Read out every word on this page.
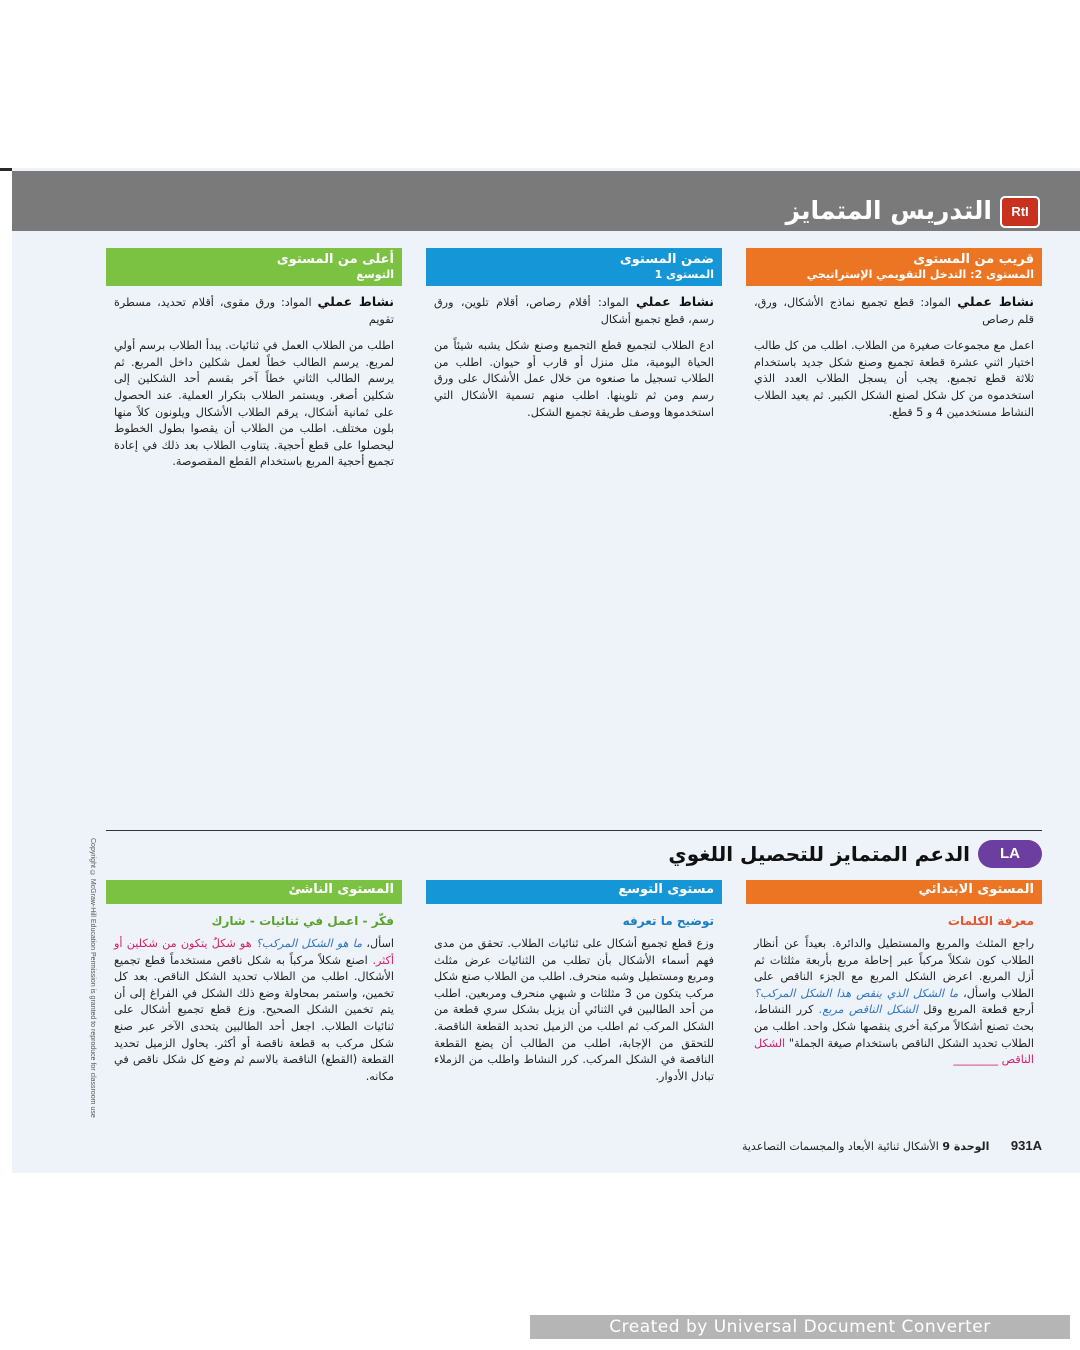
RtI
التدريس المتمايز
قريب من المستوى
المستوى 2: التدخل التقويمي الإستراتيجي

نشاط عملي المواد: قطع تجميع نماذج الأشكال، ورق، قلم رصاص

اعمل مع مجموعات صغيرة من الطلاب. اطلب من كل طالب اختيار اثني عشرة قطعة تجميع وصنع شكل جديد باستخدام ثلاثة قطع تجميع. يجب أن يسجل الطلاب العدد الذي استخدموه من كل شكل لصنع الشكل الكبير. ثم يعيد الطلاب النشاط مستخدمين 4 و 5 قطع.

ضمن المستوى
المستوى 1

نشاط عملي المواد: أقلام رصاص، أقلام تلوين، ورق رسم، قطع تجميع أشكال

ادع الطلاب لتجميع قطع التجميع وصنع شكل يشبه شيئاً من الحياة اليومية، مثل منزل أو قارب أو حيوان. اطلب من الطلاب تسجيل ما صنعوه من خلال عمل الأشكال على ورق رسم ومن ثم تلوينها. اطلب منهم تسمية الأشكال التي استخدموها ووصف طريقة تجميع الشكل.

أعلى من المستوى
التوسع

نشاط عملي المواد: ورق مقوى، أقلام تحديد، مسطرة تقويم

اطلب من الطلاب العمل في ثنائيات. يبدأ الطلاب برسم أولي لمربع. يرسم الطالب خطاً لعمل شكلين داخل المربع. ثم يرسم الطالب الثاني خطاً آخر بقسم أحد الشكلين إلى شكلين أصغر. ويستمر الطلاب بتكرار العملية. عند الحصول على ثمانية أشكال، يرقم الطلاب الأشكال ويلونون كلاً منها بلون مختلف. اطلب من الطلاب أن يقصوا بطول الخطوط ليحصلوا على قطع أحجية. يتناوب الطلاب بعد ذلك في إعادة تجميع أحجية المربع باستخدام القطع المقصوصة.

LA
الدعم المتمايز للتحصيل اللغوي
Copyright © McGraw-Hill Education Permission is granted to reproduce for classroom use	المستوى الابتدائي
معرفة الكلمات

راجع المثلث والمربع والمستطيل والدائرة. بعيداً عن أنظار الطلاب كون شكلاً مركباً عبر إحاطة مربع بأربعة مثلثات ثم أزل المربع. اعرض الشكل المربع مع الجزء الناقص على الطلاب واسأل، ما الشكل الذي ينقص هذا الشكل المركب؟ أرجع قطعة المربع وقل الشكل الناقص مربع. كرر النشاط، بحث تصنع أشكالاً مركبة أخرى ينقصها شكل واحد. اطلب من الطلاب تحديد الشكل الناقص باستخدام صيغة الجملة" الشكل الناقص ________

مستوى التوسع
توضيح ما تعرفه

وزع قطع تجميع أشكال على ثنائيات الطلاب. تحقق من مدى فهم أسماء الأشكال بأن تطلب من الثنائيات عرض مثلث ومربع ومستطيل وشبه منحرف. اطلب من الطلاب صنع شكل مركب يتكون من 3 مثلثات و شبهي منحرف ومربعين. اطلب من أحد الطالبين في الثنائي أن يزيل بشكل سري قطعة من الشكل المركب ثم اطلب من الزميل تحديد القطعة الناقصة. للتحقق من الإجابة، اطلب من الطالب أن يضع القطعة الناقصة في الشكل المركب. كرر النشاط واطلب من الزملاء تبادل الأدوار.

المستوى الناشئ
فكّر - اعمل في ثنائيات - شارك

اسأل، ما هو الشكل المركب؟ هو شكلٌ يتكون من شكلين أو أكثر. اصنع شكلاً مركباً به شكل ناقص مستخدماً قطع تجميع الأشكال. اطلب من الطلاب تحديد الشكل الناقص. بعد كل تخمين، واستمر بمحاولة وضع ذلك الشكل في الفراغ إلى أن يتم تخمين الشكل الصحيح. وزع قطع تجميع أشكال على ثنائيات الطلاب. اجعل أحد الطالبين يتحدى الآخر عبر صنع شكل مركب به قطعة ناقصة أو أكثر. يحاول الزميل تحديد القطعة (القطع) الناقصة بالاسم ثم وضع كل شكل ناقص في مكانه.

931A الوحدة 9 الأشكال ثنائية الأبعاد والمجسمات التصاعدية
Created by Universal Document Converter
